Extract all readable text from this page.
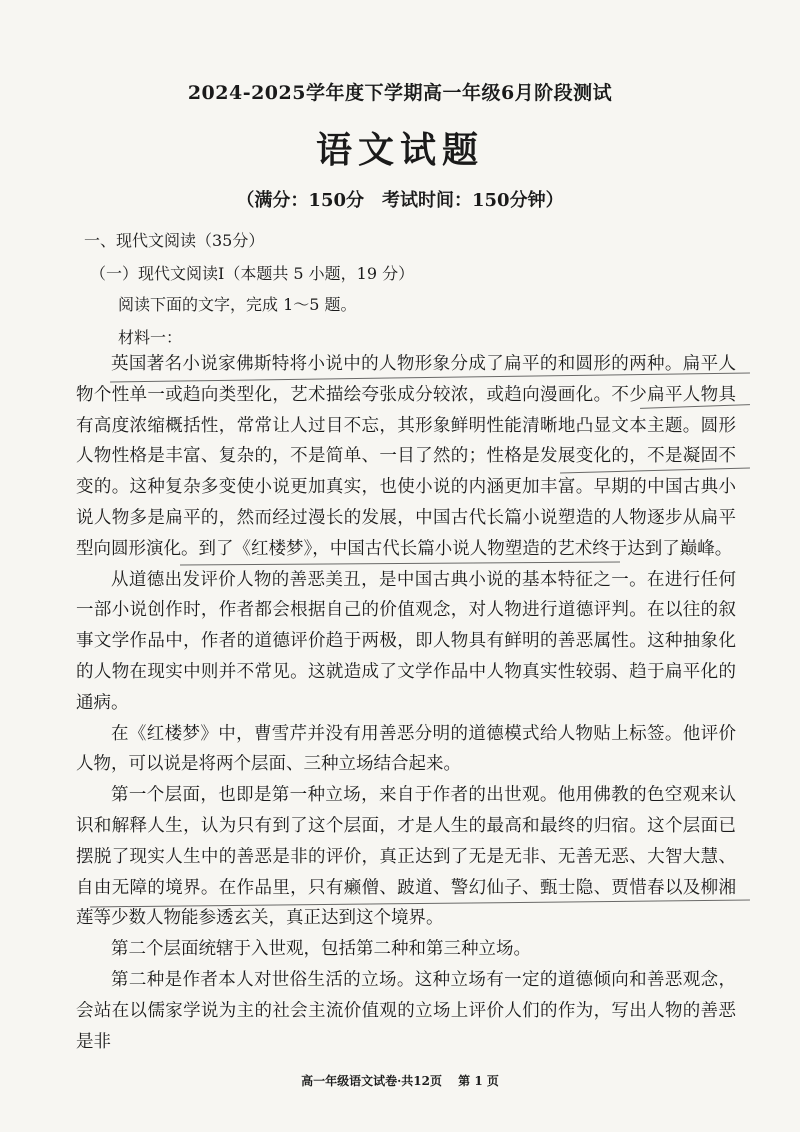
2024-2025学年度下学期高一年级6月阶段测试
语文试题
（满分：150分　考试时间：150分钟）
一、现代文阅读（35分）
（一）现代文阅读Ⅰ（本题共 5 小题，19 分）
阅读下面的文字，完成 1～5 题。
材料一：

英国著名小说家佛斯特将小说中的人物形象分成了扁平的和圆形的两种。扁平人物个性单一或趋向类型化，艺术描绘夸张成分较浓，或趋向漫画化。不少扁平人物具有高度浓缩概括性，常常让人过目不忘，其形象鲜明性能清晰地凸显文本主题。圆形人物性格是丰富、复杂的，不是简单、一目了然的；性格是发展变化的，不是凝固不变的。这种复杂多变使小说更加真实，也使小说的内涵更加丰富。早期的中国古典小说人物多是扁平的，然而经过漫长的发展，中国古代长篇小说塑造的人物逐步从扁平型向圆形演化。到了《红楼梦》，中国古代长篇小说人物塑造的艺术终于达到了巅峰。

从道德出发评价人物的善恶美丑，是中国古典小说的基本特征之一。在进行任何一部小说创作时，作者都会根据自己的价值观念，对人物进行道德评判。在以往的叙事文学作品中，作者的道德评价趋于两极，即人物具有鲜明的善恶属性。这种抽象化的人物在现实中则并不常见。这就造成了文学作品中人物真实性较弱、趋于扁平化的通病。

在《红楼梦》中，曹雪芹并没有用善恶分明的道德模式给人物贴上标签。他评价人物，可以说是将两个层面、三种立场结合起来。

第一个层面，也即是第一种立场，来自于作者的出世观。他用佛教的色空观来认识和解释人生，认为只有到了这个层面，才是人生的最高和最终的归宿。这个层面已摆脱了现实人生中的善恶是非的评价，真正达到了无是无非、无善无恶、大智大慧、自由无障的境界。在作品里，只有癞僧、跛道、警幻仙子、甄士隐、贾惜春以及柳湘莲等少数人物能参透玄关，真正达到这个境界。

第二个层面统辖于入世观，包括第二种和第三种立场。

第二种是作者本人对世俗生活的立场。这种立场有一定的道德倾向和善恶观念，会站在以儒家学说为主的社会主流价值观的立场上评价人们的作为，写出人物的善恶是非

高一年级语文试卷·共12页 第 1 页
